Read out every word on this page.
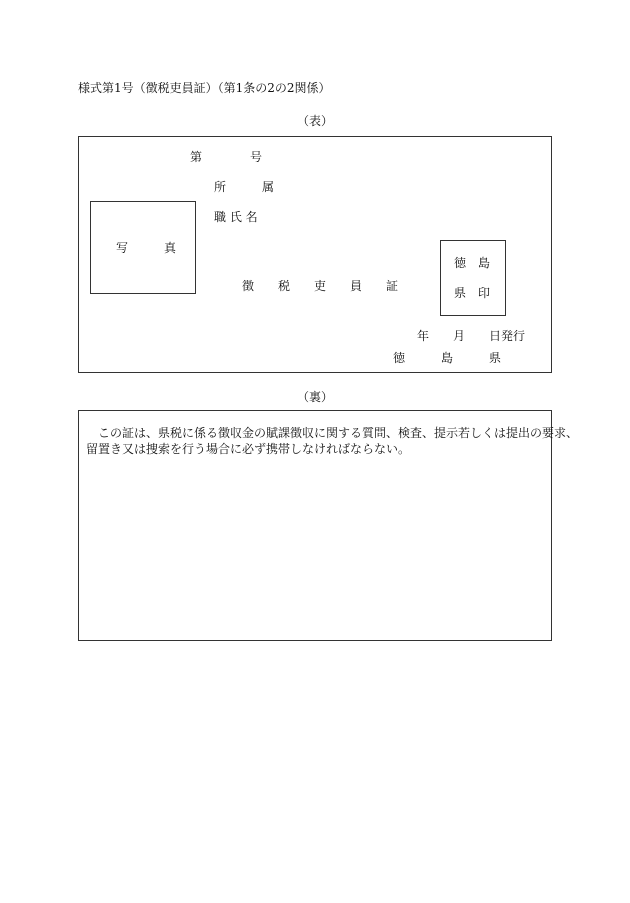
様式第1号（徴税吏員証）（第1条の2の2関係）
（表）
第　　　　号
所　　　属
職 氏 名
写　　　真
徴　　税　　吏　　員　　証
徳　島
県　印
年　　月　　日発行
徳　　　島　　　県
（裏）
　この証は、県税に係る徴収金の賦課徴収に関する質問、検査、提示若しくは提出の要求、
留置き又は捜索を行う場合に必ず携帯しなければならない。
